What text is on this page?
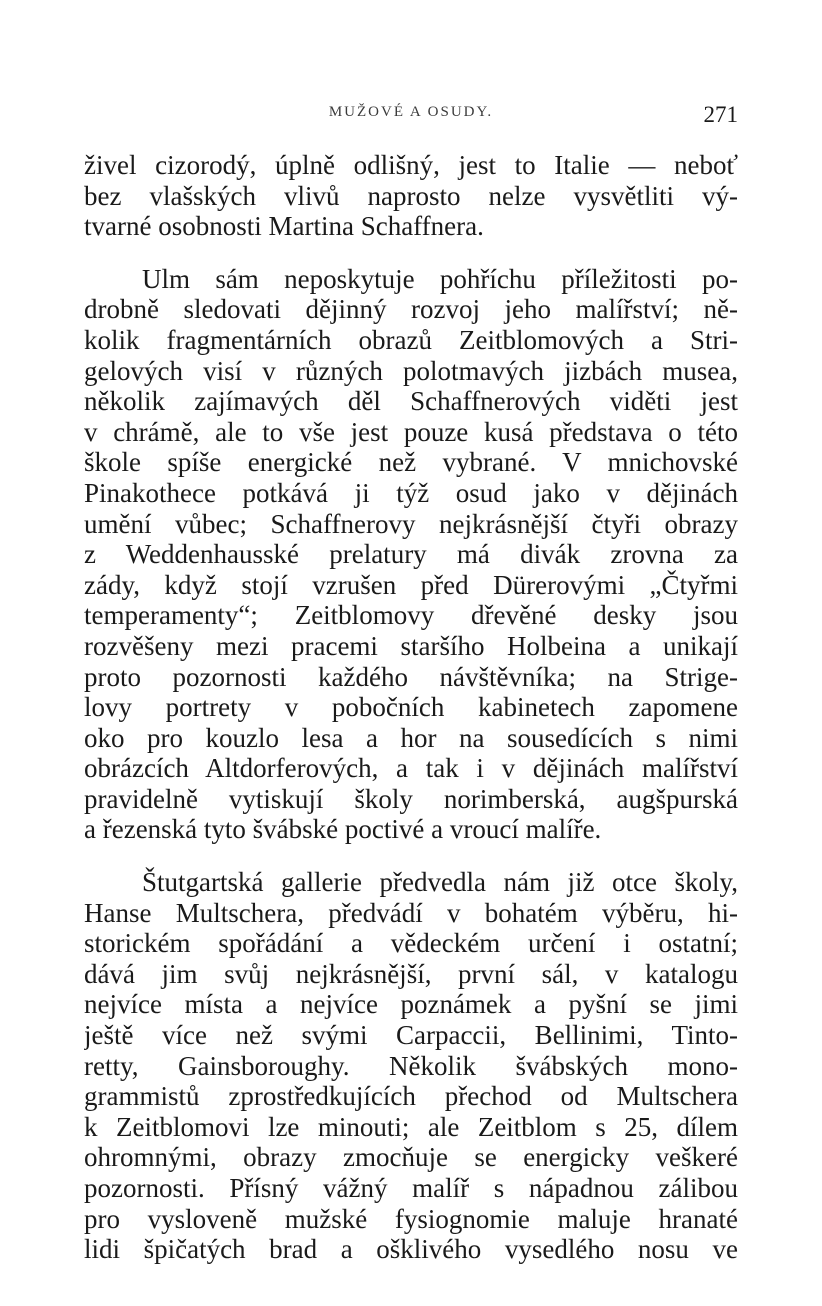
MUŽOVÉ A OSUDY.	271
živel cizorodý, úplně odlišný, jest to Italie — neboť
bez vlašských vlivů naprosto nelze vysvětliti vý-
tvarné osobnosti Martina Schaffnera.
Ulm sám neposkytuje pohříchu příležitosti po-
drobně sledovati dějinný rozvoj jeho malířství; ně-
kolik fragmentárních obrazů Zeitblomových a Stri-
gelových visí v různých polotmavých jizbách musea,
několik zajímavých děl Schaffnerových viděti jest
v chrámě, ale to vše jest pouze kusá představa o této
škole spíše energické než vybrané. V mnichovské
Pinakothece potkává ji týž osud jako v dějinách
umění vůbec; Schaffnerovy nejkrásnější čtyři obrazy
z Weddenhausské prelatury má divák zrovna za
zády, když stojí vzrušen před Dürerovými „Čtyřmi
temperamenty“; Zeitblomovy dřevěné desky jsou
rozvěšeny mezi pracemi staršího Holbeina a unikají
proto pozornosti každého návštěvníka; na Strige-
lovy portrety v pobočních kabinetech zapomene
oko pro kouzlo lesa a hor na sousedících s nimi
obrázcích Altdorferových, a tak i v dějinách malířství
pravidelně vytiskují školy norimberská, augšpurská
a řezenská tyto švábské poctivé a vroucí malíře.
Štutgartská gallerie předvedla nám již otce školy,
Hanse Multschera, předvádí v bohatém výběru, hi-
storickém spořádání a vědeckém určení i ostatní;
dává jim svůj nejkrásnější, první sál, v katalogu
nejvíce místa a nejvíce poznámek a pyšní se jimi
ještě více než svými Carpaccii, Bellinimi, Tinto-
retty, Gainsboroughy. Několik švábských mono-
grammistů zprostředkujících přechod od Multschera
k Zeitblomovi lze minouti; ale Zeitblom s 25, dílem
ohromnými, obrazy zmocňuje se energicky veškeré
pozornosti. Přísný vážný malíř s nápadnou zálibou
pro vysloveně mužské fysiognomie maluje hranaté
lidi špičatých brad a ošklivého vysedlého nosu ve
